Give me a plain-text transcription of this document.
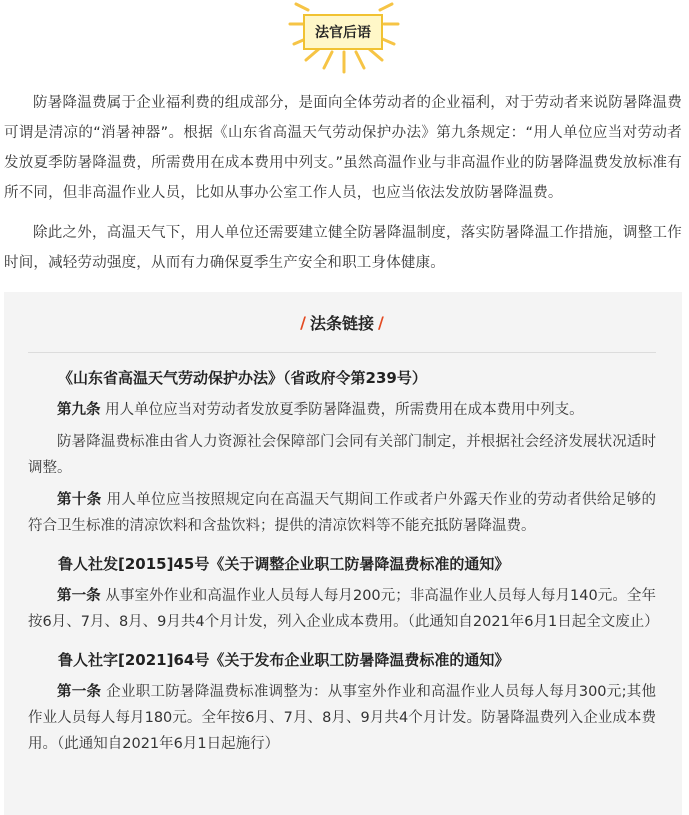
法官后语

防暑降温费属于企业福利费的组成部分，是面向全体劳动者的企业福利，对于劳动者来说防暑降温费可谓是清凉的“消暑神器”。根据《山东省高温天气劳动保护办法》第九条规定：“用人单位应当对劳动者发放夏季防暑降温费，所需费用在成本费用中列支。”虽然高温作业与非高温作业的防暑降温费发放标准有所不同，但非高温作业人员，比如从事办公室工作人员，也应当依法发放防暑降温费。

除此之外，高温天气下，用人单位还需要建立健全防暑降温制度，落实防暑降温工作措施，调整工作时间，减轻劳动强度，从而有力确保夏季生产安全和职工身体健康。

/ 法条链接 /
《山东省高温天气劳动保护办法》（省政府令第239号）

第九条 用人单位应当对劳动者发放夏季防暑降温费，所需费用在成本费用中列支。

防暑降温费标准由省人力资源社会保障部门会同有关部门制定，并根据社会经济发展状况适时调整。

第十条 用人单位应当按照规定向在高温天气期间工作或者户外露天作业的劳动者供给足够的符合卫生标准的清凉饮料和含盐饮料；提供的清凉饮料等不能充抵防暑降温费。

鲁人社发[2015]45号《关于调整企业职工防暑降温费标准的通知》

第一条 从事室外作业和高温作业人员每人每月200元；非高温作业人员每人每月140元。全年按6月、7月、8月、9月共4个月计发，列入企业成本费用。（此通知自2021年6月1日起全文废止）

鲁人社字[2021]64号《关于发布企业职工防暑降温费标准的通知》

第一条 企业职工防暑降温费标准调整为：从事室外作业和高温作业人员每人每月300元;其他作业人员每人每月180元。全年按6月、7月、8月、9月共4个月计发。防暑降温费列入企业成本费用。（此通知自2021年6月1日起施行）
